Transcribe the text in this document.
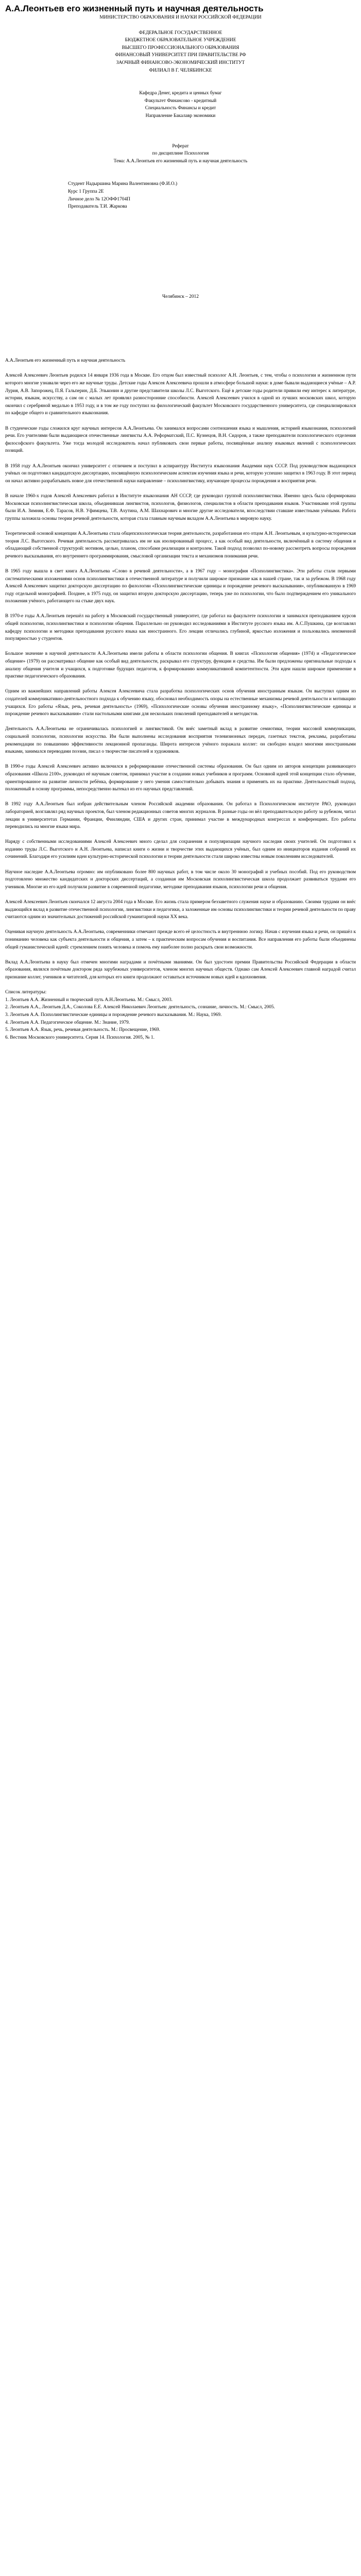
А.А.Леонтьев его жизненный путь и научная деятельность

МИНИСТЕРСТВО ОБРАЗОВАНИЯ И НАУКИ РОССИЙСКОЙ ФЕДЕРАЦИИ

ФЕДЕРАЛЬНОЕ ГОСУДАРСТВЕННОЕ

БЮДЖЕТНОЕ ОБРАЗОВАТЕЛЬНОЕ УЧРЕЖДЕНИЕ

ВЫСШЕГО ПРОФЕССИОНАЛЬНОГО ОБРАЗОВАНИЯ

ФИНАНСОВЫЙ УНИВЕРСИТЕТ ПРИ ПРАВИТЕЛЬСТВЕ РФ

ЗАОЧНЫЙ ФИНАНСОВО-ЭКОНОМИЧЕСКИЙ ИНСТИТУТ

ФИЛИАЛ В Г. ЧЕЛЯБИНСКЕ

Кафедра Денег, кредита и ценных бумаг

Факультет Финансово - кредитный

Специальность Финансы и кредит

Направление Бакалавр экономики

Реферат

по дисциплине Психология

Тема: А.А.Леонтьев его жизненный путь и научная деятельность

Студент Надыршина Марина Валентиновна (Ф.И.О.)

Курс 1 Группа 2Е

Личное дело № 12ОФФ1704П

Преподаватель Т.И. Жаркова

Челябинск – 2012

А.А.Леонтьев его жизненный путь и научная деятельность

Алексей Алексеевич Леонтьев родился 14 января 1936 года в Москве. Его отцом был известный психолог А.Н. Леонтьев, с тем, чтобы о психологии и жизненном пути которого многие узнавали через его же научные труды. Детские годы Алексея Алексеевича прошли в атмосфере большой науки: в доме бывали выдающиеся учёные – А.Р. Лурия, А.В. Запорожец, П.Я. Гальперин, Д.Б. Эльконин и другие представители школы Л.С. Выготского. Ещё в детские годы родители привили ему интерес к литературе, истории, языкам, искусству, а сам он с малых лет проявлял разносторонние способности. Алексей Алексеевич учился в одной из лучших московских школ, которую окончил с серебряной медалью в 1953 году, и в том же году поступил на филологический факультет Московского государственного университета, где специализировался по кафедре общего и сравнительного языкознания.

В студенческие годы сложился круг научных интересов А.А.Леонтьева. Он занимался вопросами соотношения языка и мышления, историей языкознания, психологией речи. Его учителями были выдающиеся отечественные лингвисты А.А. Реформатский, П.С. Кузнецов, В.Н. Сидоров, а также преподаватели психологического отделения философского факультета. Уже тогда молодой исследователь начал публиковать свои первые работы, посвящённые анализу языковых явлений с психологических позиций.

В 1958 году А.А.Леонтьев окончил университет с отличием и поступил в аспирантуру Института языкознания Академии наук СССР. Под руководством выдающихся учёных он подготовил кандидатскую диссертацию, посвящённую психологическим аспектам изучения языка и речи, которую успешно защитил в 1963 году. В этот период он начал активно разрабатывать новое для отечественной науки направление – психолингвистику, изучающее процессы порождения и восприятия речи.

В начале 1960-х годов Алексей Алексеевич работал в Институте языкознания АН СССР, где руководил группой психолингвистики. Именно здесь была сформирована Московская психолингвистическая школа, объединившая лингвистов, психологов, физиологов, специалистов в области преподавания языков. Участниками этой группы были И.А. Зимняя, Е.Ф. Тарасов, Н.В. Уфимцева, Т.В. Ахутина, А.М. Шахнарович и многие другие исследователи, впоследствии ставшие известными учёными. Работа группы заложила основы теории речевой деятельности, которая стала главным научным вкладом А.А.Леонтьева в мировую науку.

Теоретической основой концепции А.А.Леонтьева стала общепсихологическая теория деятельности, разработанная его отцом А.Н. Леонтьевым, и культурно-историческая теория Л.С. Выготского. Речевая деятельность рассматривалась им не как изолированный процесс, а как особый вид деятельности, включённый в систему общения и обладающий собственной структурой: мотивом, целью, планом, способами реализации и контролем. Такой подход позволил по-новому рассмотреть вопросы порождения речевого высказывания, его внутреннего программирования, смысловой организации текста и механизмов понимания речи.

В 1965 году вышла в свет книга А.А.Леонтьева «Слово в речевой деятельности», а в 1967 году – монография «Психолингвистика». Эти работы стали первыми систематическими изложениями основ психолингвистики в отечественной литературе и получили широкое признание как в нашей стране, так и за рубежом. В 1968 году Алексей Алексеевич защитил докторскую диссертацию по филологии «Психолингвистические единицы и порождение речевого высказывания», опубликованную в 1969 году отдельной монографией. Позднее, в 1975 году, он защитил вторую докторскую диссертацию, теперь уже по психологии, что было подтверждением его уникального положения учёного, работающего на стыке двух наук.

В 1970-е годы А.А.Леонтьев перешёл на работу в Московский государственный университет, где работал на факультете психологии и занимался преподаванием курсов общей психологии, психолингвистики и психологии общения. Параллельно он руководил исследованиями в Институте русского языка им. А.С.Пушкина, где возглавлял кафедру психологии и методики преподавания русского языка как иностранного. Его лекции отличались глубиной, яркостью изложения и пользовались неизменной популярностью у студентов.

Большое значение в научной деятельности А.А.Леонтьева имели работы в области психологии общения. В книгах «Психология общения» (1974) и «Педагогическое общение» (1979) он рассматривал общение как особый вид деятельности, раскрывал его структуру, функции и средства. Им были предложены оригинальные подходы к анализу общения учителя и учащихся, к подготовке будущих педагогов, к формированию коммуникативной компетентности. Эти идеи нашли широкое применение в практике педагогического образования.

Одним из важнейших направлений работы Алексея Алексеевича стала разработка психологических основ обучения иностранным языкам. Он выступил одним из создателей коммуникативно-деятельностного подхода к обучению языку, обосновал необходимость опоры на естественные механизмы речевой деятельности и мотивацию учащихся. Его работы «Язык, речь, речевая деятельность» (1969), «Психологические основы обучения иностранному языку», «Психолингвистические единицы и порождение речевого высказывания» стали настольными книгами для нескольких поколений преподавателей и методистов.

Деятельность А.А.Леонтьева не ограничивалась психологией и лингвистикой. Он внёс заметный вклад в развитие семиотики, теории массовой коммуникации, социальной психологии, психологии искусства. Им были выполнены исследования восприятия телевизионных передач, газетных текстов, рекламы, разработаны рекомендации по повышению эффективности лекционной пропаганды. Широта интересов учёного поражала коллег: он свободно владел многими иностранными языками, занимался переводами поэзии, писал о творчестве писателей и художников.

В 1990-е годы Алексей Алексеевич активно включился в реформирование отечественной системы образования. Он был одним из авторов концепции развивающего образования «Школа 2100», руководил её научным советом, принимал участие в создании новых учебников и программ. Основной идеей этой концепции стало обучение, ориентированное на развитие личности ребёнка, формирование у него умения самостоятельно добывать знания и применять их на практике. Деятельностный подход, положенный в основу программы, непосредственно вытекал из его научных представлений.

В 1992 году А.А.Леонтьев был избран действительным членом Российской академии образования. Он работал в Психологическом институте РАО, руководил лабораторией, возглавлял ряд научных проектов, был членом редакционных советов многих журналов. В разные годы он вёл преподавательскую работу за рубежом, читал лекции в университетах Германии, Франции, Финляндии, США и других стран, принимал участие в международных конгрессах и конференциях. Его работы переводились на многие языки мира.

Наряду с собственными исследованиями Алексей Алексеевич много сделал для сохранения и популяризации научного наследия своих учителей. Он подготовил к изданию труды Л.С. Выготского и А.Н. Леонтьева, написал книги о жизни и творчестве этих выдающихся учёных, был одним из инициаторов издания собраний их сочинений. Благодаря его усилиям идеи культурно-исторической психологии и теории деятельности стали широко известны новым поколениям исследователей.

Научное наследие А.А.Леонтьева огромно: им опубликовано более 800 научных работ, в том числе около 30 монографий и учебных пособий. Под его руководством подготовлено множество кандидатских и докторских диссертаций, а созданная им Московская психолингвистическая школа продолжает развиваться трудами его учеников. Многие из его идей получили развитие в современной педагогике, методике преподавания языков, психологии речи и общения.

Алексей Алексеевич Леонтьев скончался 12 августа 2004 года в Москве. Его жизнь стала примером беззаветного служения науке и образованию. Своими трудами он внёс выдающийся вклад в развитие отечественной психологии, лингвистики и педагогики, а заложенные им основы психолингвистики и теории речевой деятельности по праву считаются одним из значительных достижений российской гуманитарной науки XX века.

Оценивая научную деятельность А.А.Леонтьева, современники отмечают прежде всего её целостность и внутреннюю логику. Начав с изучения языка и речи, он пришёл к пониманию человека как субъекта деятельности и общения, а затем – к практическим вопросам обучения и воспитания. Все направления его работы были объединены общей гуманистической идеей: стремлением понять человека и помочь ему наиболее полно раскрыть свои возможности.

Вклад А.А.Леонтьева в науку был отмечен многими наградами и почётными званиями. Он был удостоен премии Правительства Российской Федерации в области образования, являлся почётным доктором ряда зарубежных университетов, членом многих научных обществ. Однако сам Алексей Алексеевич главной наградой считал признание коллег, учеников и читателей, для которых его книги продолжают оставаться источником новых идей и вдохновения.

Список литературы:

1. Леонтьев А.А. Жизненный и творческий путь А.Н.Леонтьева. М.: Смысл, 2003.

2. Леонтьев А.А., Леонтьев Д.А., Соколова Е.Е. Алексей Николаевич Леонтьев: деятельность, сознание, личность. М.: Смысл, 2005.

3. Леонтьев А.А. Психолингвистические единицы и порождение речевого высказывания. М.: Наука, 1969.

4. Леонтьев А.А. Педагогическое общение. М.: Знание, 1979.

5. Леонтьев А.А. Язык, речь, речевая деятельность. М.: Просвещение, 1969.

6. Вестник Московского университета. Серия 14. Психология. 2005, № 1.
